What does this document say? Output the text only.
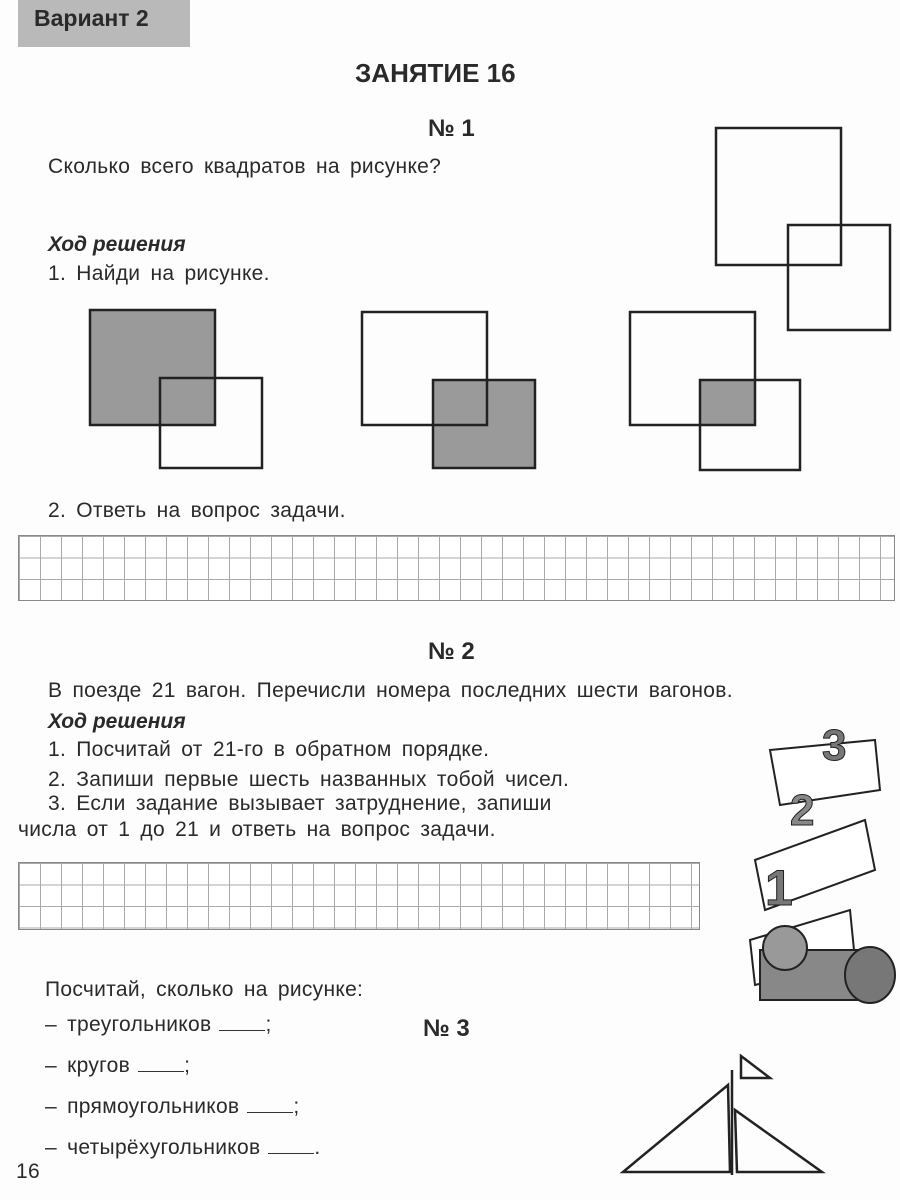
Вариант 2
ЗАНЯТИЕ 16
№ 1
Сколько всего квадратов на рисунке?
Ход решения
1. Найди на рисунке.
2. Ответь на вопрос задачи.
№ 2
В поезде 21 вагон. Перечисли номера последних шести вагонов.
Ход решения
1. Посчитай от 21-го в обратном порядке.
2. Запиши первые шесть названных тобой чисел.
3. Если задание вызывает затруднение, запиши
числа от 1 до 21 и ответь на вопрос задачи.
3
2
1
№ 3
Посчитай, сколько на рисунке:
– треугольников	;
– кругов	;
– прямоугольников	;
– четырёхугольников	.
16
